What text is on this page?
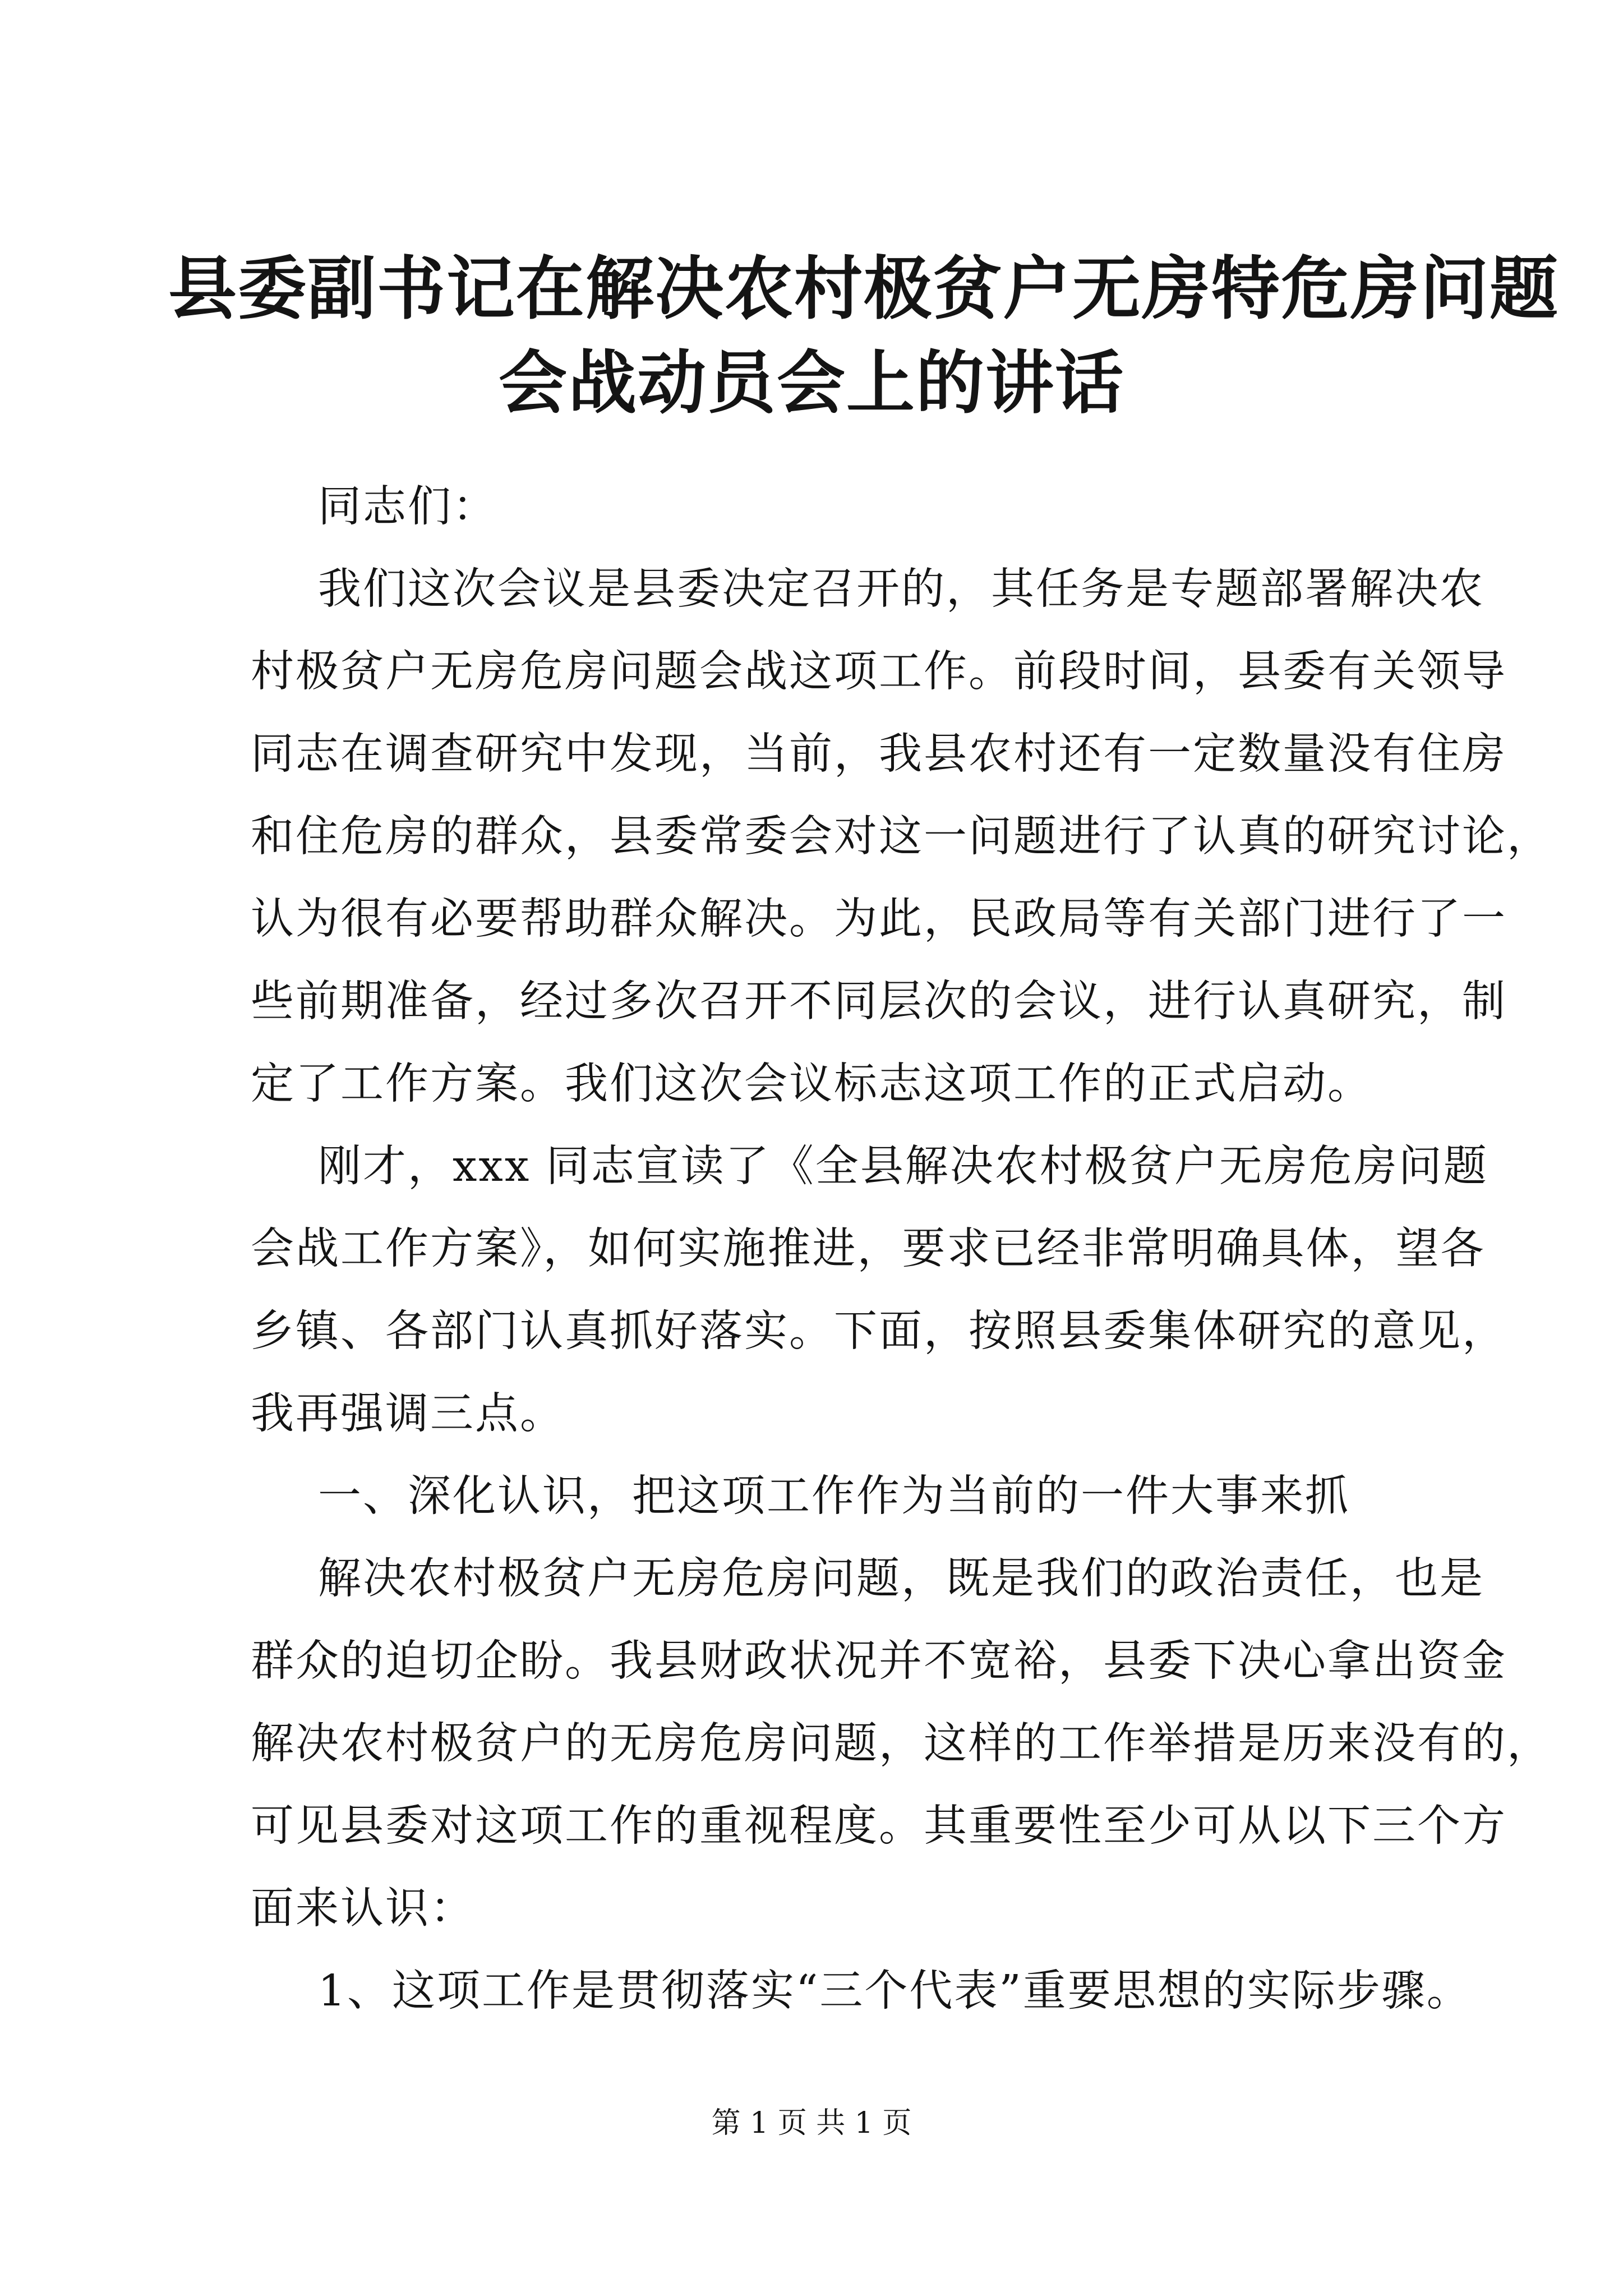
县委副书记在解决农村极贫户无房特危房问题
会战动员会上的讲话

同志们：

我们这次会议是县委决定召开的，其任务是专题部署解决农
村极贫户无房危房问题会战这项工作。前段时间，县委有关领导
同志在调查研究中发现，当前，我县农村还有一定数量没有住房
和住危房的群众，县委常委会对这一问题进行了认真的研究讨论，
认为很有必要帮助群众解决。为此，民政局等有关部门进行了一
些前期准备，经过多次召开不同层次的会议，进行认真研究，制
定了工作方案。我们这次会议标志这项工作的正式启动。

刚才，xxx 同志宣读了《全县解决农村极贫户无房危房问题
会战工作方案》，如何实施推进，要求已经非常明确具体，望各
乡镇、各部门认真抓好落实。下面，按照县委集体研究的意见，
我再强调三点。

一、深化认识，把这项工作作为当前的一件大事来抓

解决农村极贫户无房危房问题，既是我们的政治责任，也是
群众的迫切企盼。我县财政状况并不宽裕，县委下决心拿出资金
解决农村极贫户的无房危房问题，这样的工作举措是历来没有的，
可见县委对这项工作的重视程度。其重要性至少可从以下三个方
面来认识：

1、这项工作是贯彻落实“三个代表”重要思想的实际步骤。

第 1 页 共 1 页
